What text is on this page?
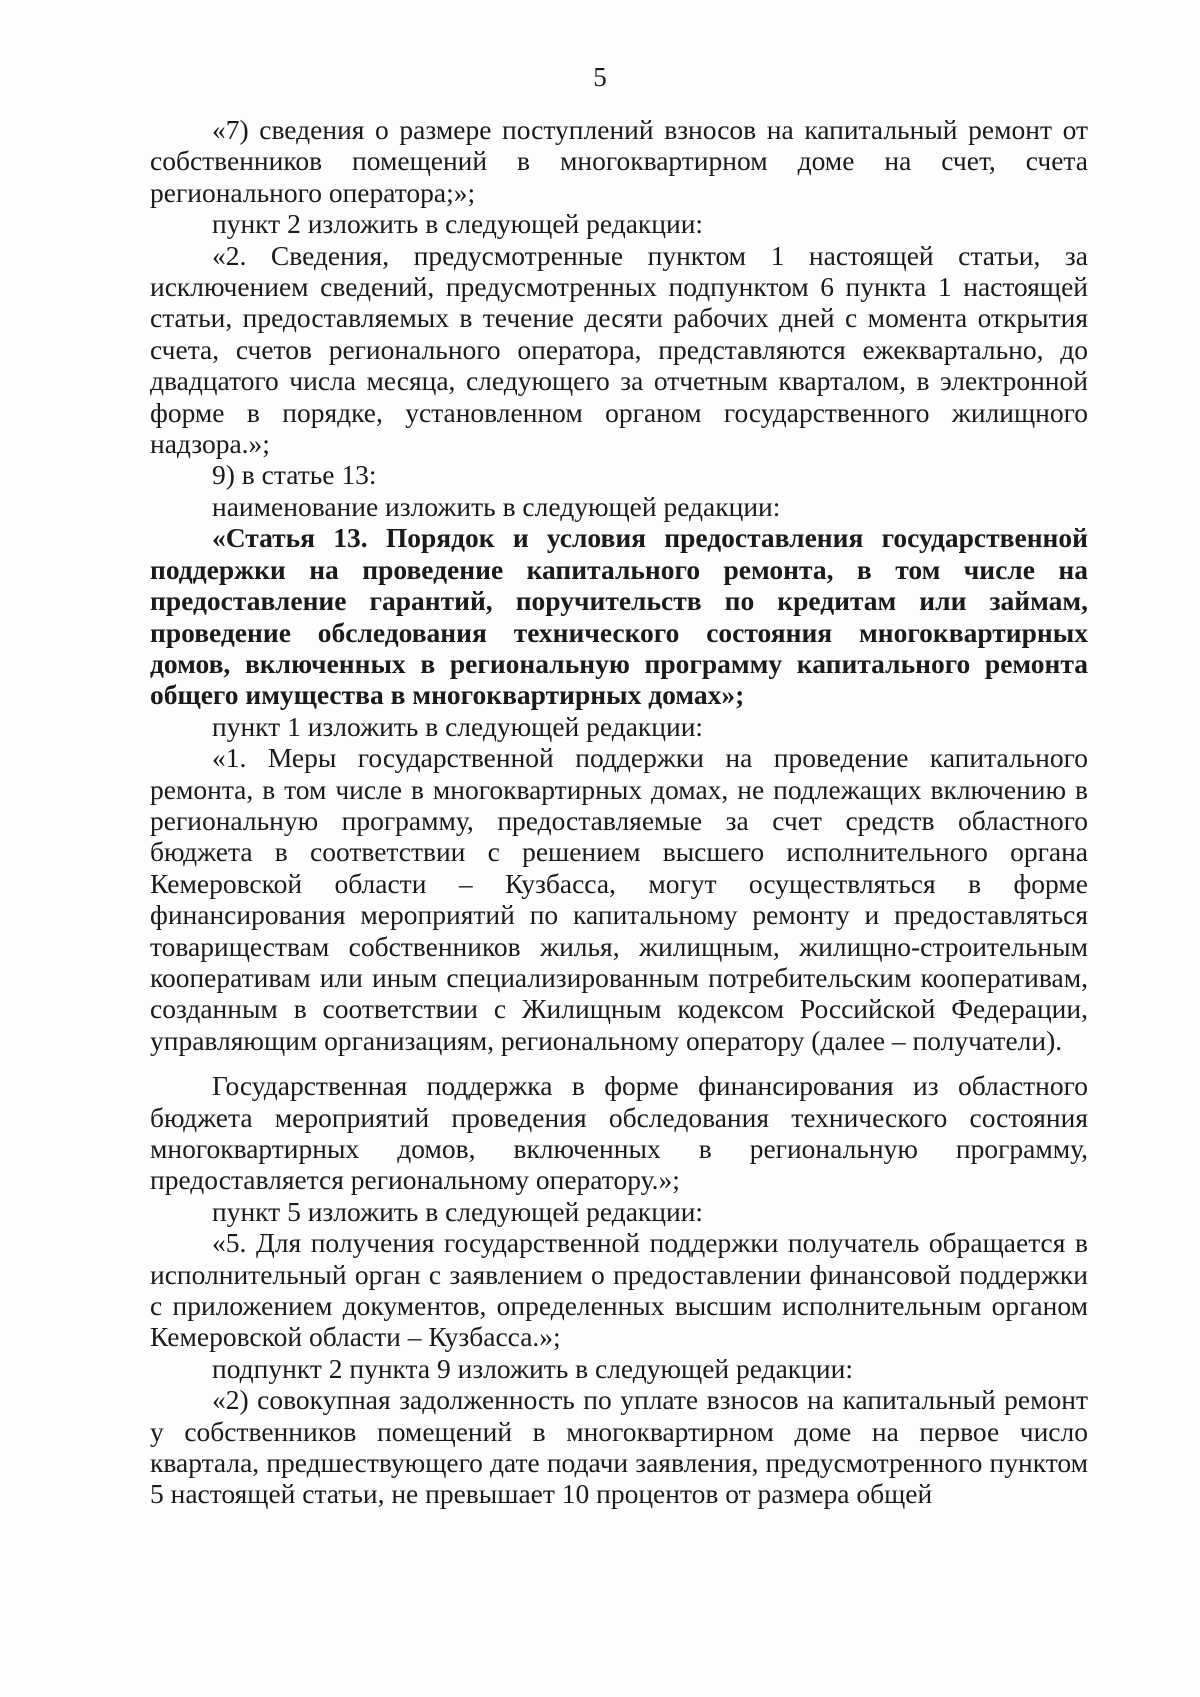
5

«7) сведения о размере поступлений взносов на капитальный ремонт от собственников помещений в многоквартирном доме на счет, счета регионального оператора;»;

пункт 2 изложить в следующей редакции:

«2. Сведения, предусмотренные пунктом 1 настоящей статьи, за исключением сведений, предусмотренных подпунктом 6 пункта 1 настоящей статьи, предоставляемых в течение десяти рабочих дней с момента открытия счета, счетов регионального оператора, представляются ежеквартально, до двадцатого числа месяца, следующего за отчетным кварталом, в электронной форме в порядке, установленном органом государственного жилищного надзора.»;

9) в статье 13:

наименование изложить в следующей редакции:

«Статья 13. Порядок и условия предоставления государственной поддержки на проведение капитального ремонта, в том числе на предоставление гарантий, поручительств по кредитам или займам, проведение обследования технического состояния многоквартирных домов, включенных в региональную программу капитального ремонта общего имущества в многоквартирных домах»;

пункт 1 изложить в следующей редакции:

«1. Меры государственной поддержки на проведение капитального ремонта, в том числе в многоквартирных домах, не подлежащих включению в региональную программу, предоставляемые за счет средств областного бюджета в соответствии с решением высшего исполнительного органа Кемеровской области – Кузбасса, могут осуществляться в форме финансирования мероприятий по капитальному ремонту и предоставляться товариществам собственников жилья, жилищным, жилищно-строительным кооперативам или иным специализированным потребительским кооперативам, созданным в соответствии с Жилищным кодексом Российской Федерации, управляющим организациям, региональному оператору (далее – получатели).

Государственная поддержка в форме финансирования из областного бюджета мероприятий проведения обследования технического состояния многоквартирных домов, включенных в региональную программу, предоставляется региональному оператору.»;

пункт 5 изложить в следующей редакции:

«5. Для получения государственной поддержки получатель обращается в исполнительный орган с заявлением о предоставлении финансовой поддержки с приложением документов, определенных высшим исполнительным органом Кемеровской области – Кузбасса.»;

подпункт 2 пункта 9 изложить в следующей редакции:

«2) совокупная задолженность по уплате взносов на капитальный ремонт у собственников помещений в многоквартирном доме на первое число квартала, предшествующего дате подачи заявления, предусмотренного пунктом 5 настоящей статьи, не превышает 10 процентов от размера общей
